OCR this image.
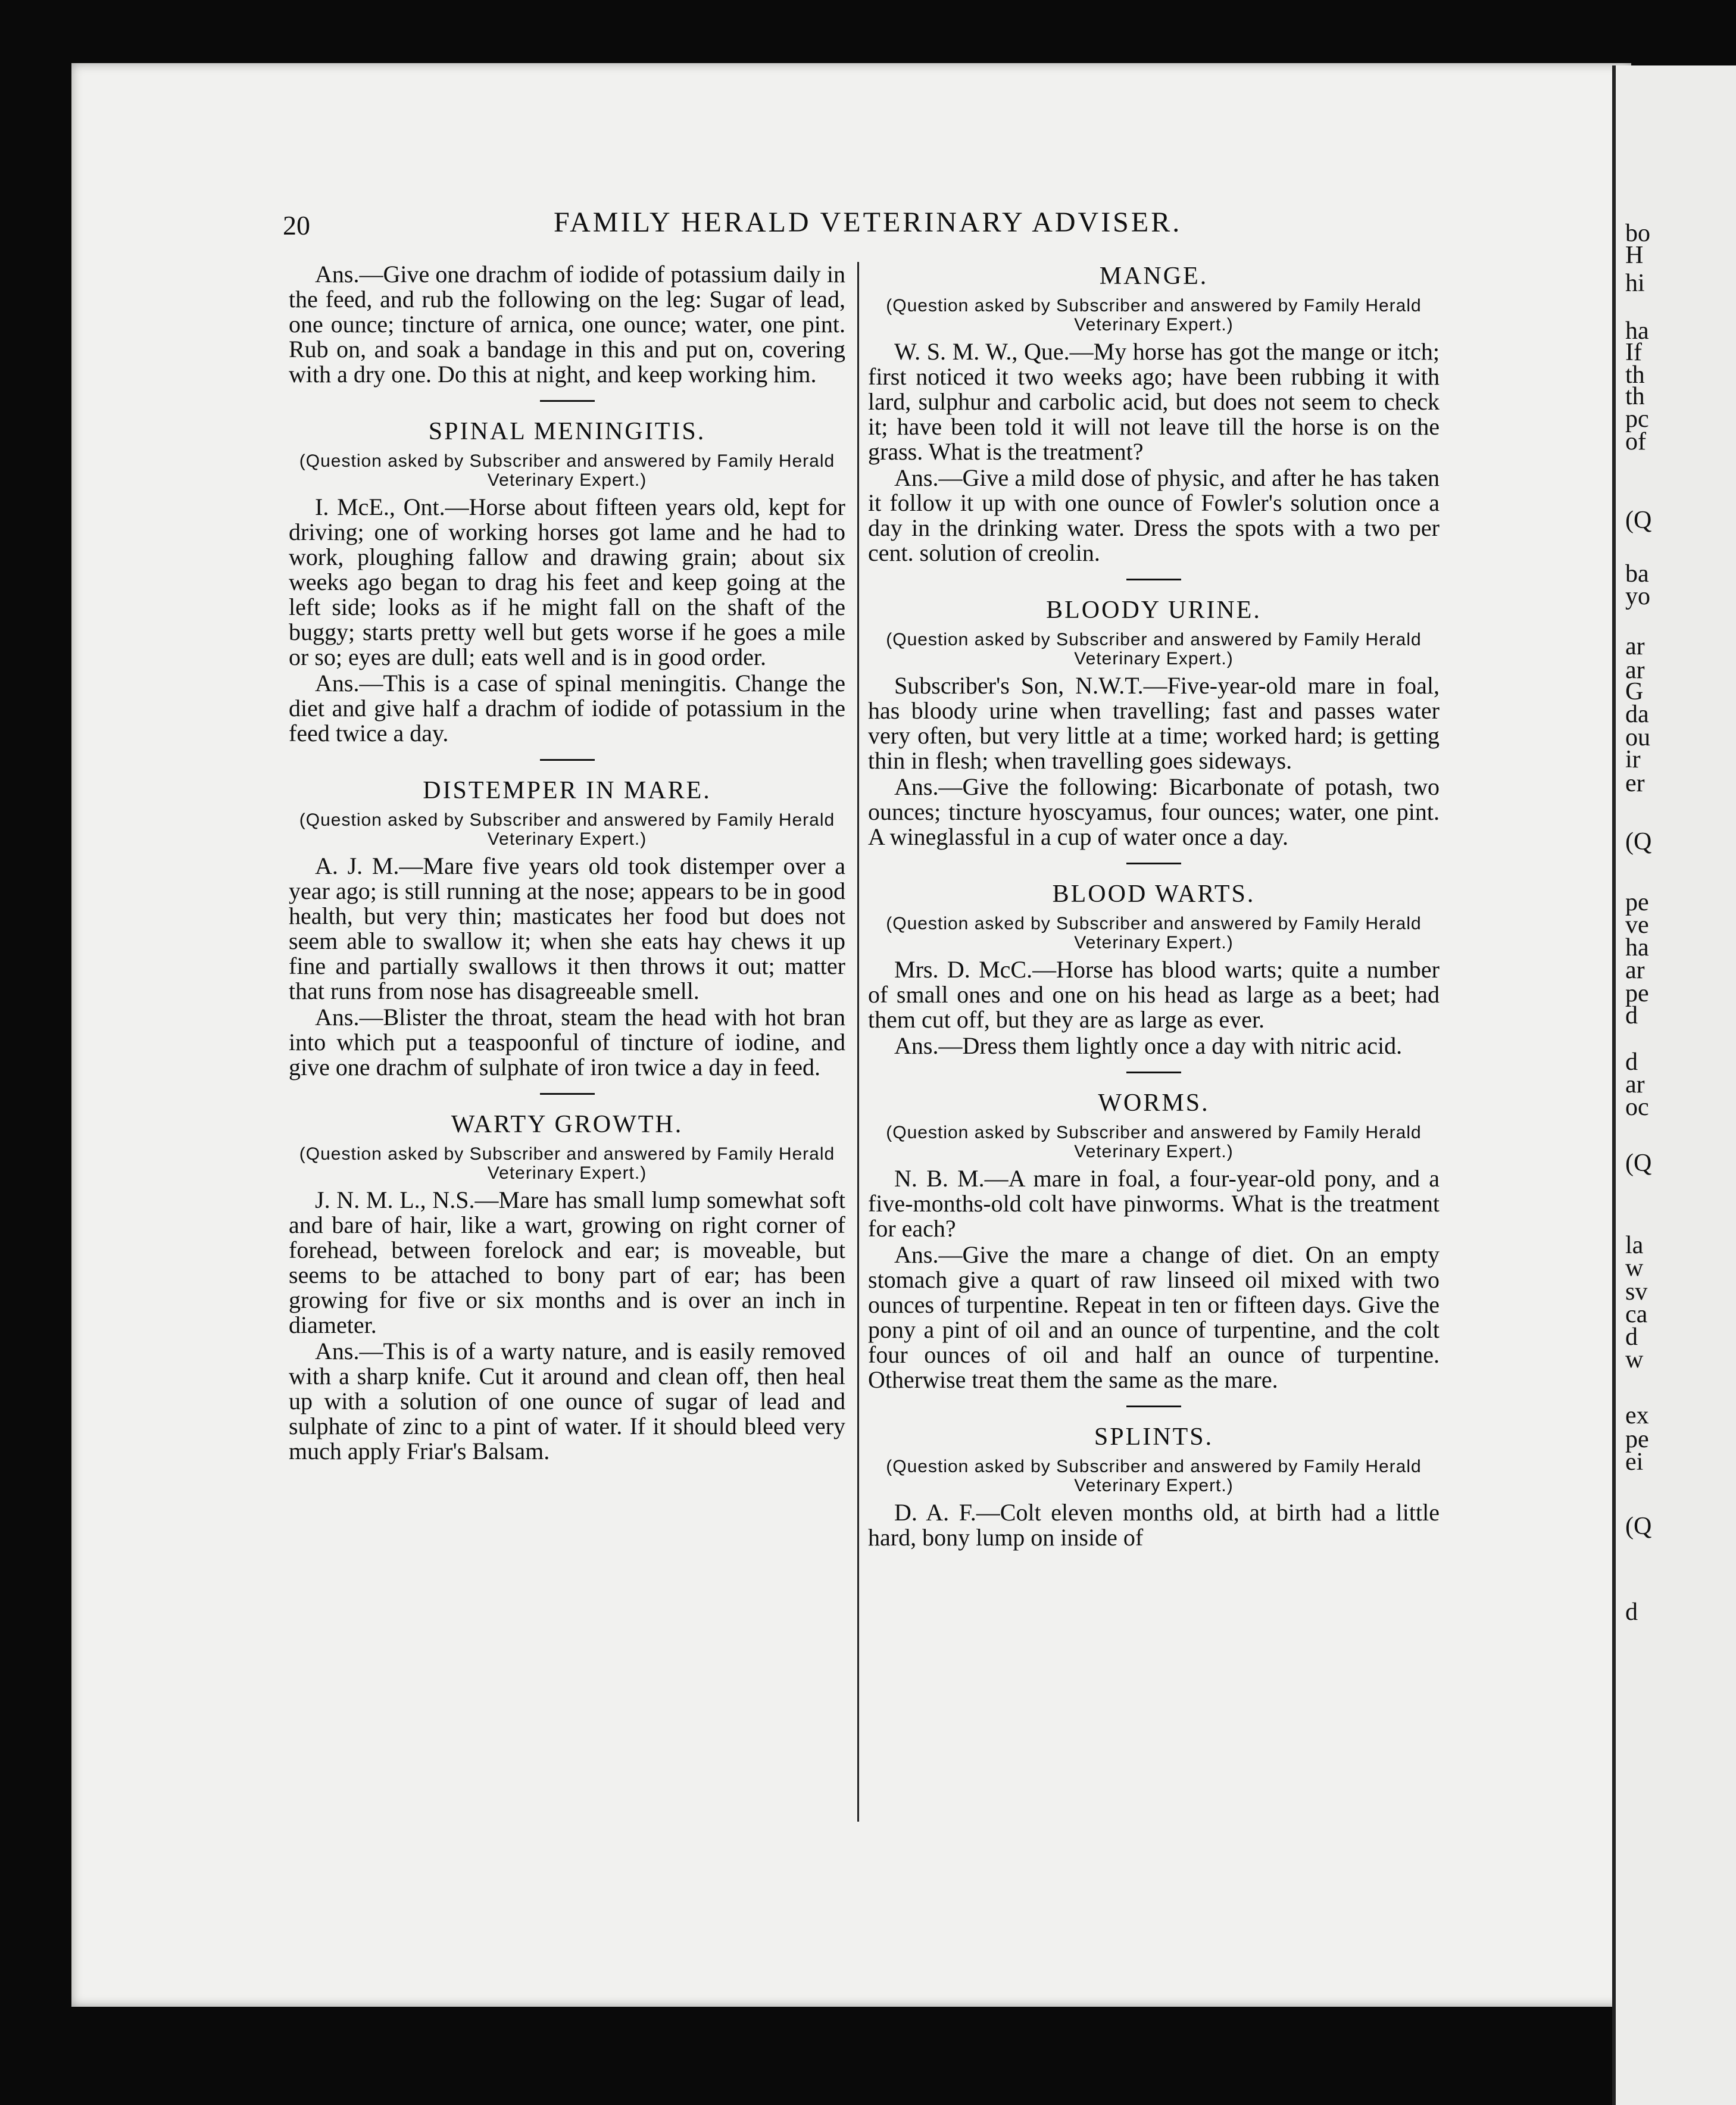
bo
H
hi
ha
If
th
th
pc
of
(Q
ba
yo
ar
ar
G
da
ou
ir
er
(Q
pe
ve
ha
ar
pe
d
d
ar
oc
(Q
la
w
sv
ca
d
w
ex
pe
ei
(Q
d
20	FAMILY HERALD VETERINARY ADVISER.

Ans.—Give one drachm of iodide of potassium daily in the feed, and rub the following on the leg: Sugar of lead, one ounce; tincture of arnica, one ounce; water, one pint. Rub on, and soak a bandage in this and put on, covering with a dry one. Do this at night, and keep working him.

SPINAL MENINGITIS.
(Question asked by Subscriber and answered by Family Herald Veterinary Expert.)

I. McE., Ont.—Horse about fifteen years old, kept for driving; one of working horses got lame and he had to work, ploughing fallow and drawing grain; about six weeks ago began to drag his feet and keep going at the left side; looks as if he might fall on the shaft of the buggy; starts pretty well but gets worse if he goes a mile or so; eyes are dull; eats well and is in good order.

Ans.—This is a case of spinal meningitis. Change the diet and give half a drachm of iodide of potassium in the feed twice a day.

DISTEMPER IN MARE.
(Question asked by Subscriber and answered by Family Herald Veterinary Expert.)

A. J. M.—Mare five years old took distemper over a year ago; is still running at the nose; appears to be in good health, but very thin; masticates her food but does not seem able to swallow it; when she eats hay chews it up fine and partially swallows it then throws it out; matter that runs from nose has disagreeable smell.

Ans.—Blister the throat, steam the head with hot bran into which put a teaspoonful of tincture of iodine, and give one drachm of sulphate of iron twice a day in feed.

WARTY GROWTH.
(Question asked by Subscriber and answered by Family Herald Veterinary Expert.)

J. N. M. L., N.S.—Mare has small lump somewhat soft and bare of hair, like a wart, growing on right corner of forehead, between forelock and ear; is moveable, but seems to be attached to bony part of ear; has been growing for five or six months and is over an inch in diameter.

Ans.—This is of a warty nature, and is easily removed with a sharp knife. Cut it around and clean off, then heal up with a solution of one ounce of sugar of lead and sulphate of zinc to a pint of water. If it should bleed very much apply Friar's Balsam.

MANGE.
(Question asked by Subscriber and answered by Family Herald Veterinary Expert.)

W. S. M. W., Que.—My horse has got the mange or itch; first noticed it two weeks ago; have been rubbing it with lard, sulphur and carbolic acid, but does not seem to check it; have been told it will not leave till the horse is on the grass. What is the treatment?

Ans.—Give a mild dose of physic, and after he has taken it follow it up with one ounce of Fowler's solution once a day in the drinking water. Dress the spots with a two per cent. solution of creolin.

BLOODY URINE.
(Question asked by Subscriber and answered by Family Herald Veterinary Expert.)

Subscriber's Son, N.W.T.—Five-year-old mare in foal, has bloody urine when travelling; fast and passes water very often, but very little at a time; worked hard; is getting thin in flesh; when travelling goes sideways.

Ans.—Give the following: Bicarbonate of potash, two ounces; tincture hyoscyamus, four ounces; water, one pint. A wineglassful in a cup of water once a day.

BLOOD WARTS.
(Question asked by Subscriber and answered by Family Herald Veterinary Expert.)

Mrs. D. McC.—Horse has blood warts; quite a number of small ones and one on his head as large as a beet; had them cut off, but they are as large as ever.

Ans.—Dress them lightly once a day with nitric acid.

WORMS.
(Question asked by Subscriber and answered by Family Herald Veterinary Expert.)

N. B. M.—A mare in foal, a four-year-old pony, and a five-months-old colt have pinworms. What is the treatment for each?

Ans.—Give the mare a change of diet. On an empty stomach give a quart of raw linseed oil mixed with two ounces of turpentine. Repeat in ten or fifteen days. Give the pony a pint of oil and an ounce of turpentine, and the colt four ounces of oil and half an ounce of turpentine. Otherwise treat them the same as the mare.

SPLINTS.
(Question asked by Subscriber and answered by Family Herald Veterinary Expert.)

D. A. F.—Colt eleven months old, at birth had a little hard, bony lump on inside of
